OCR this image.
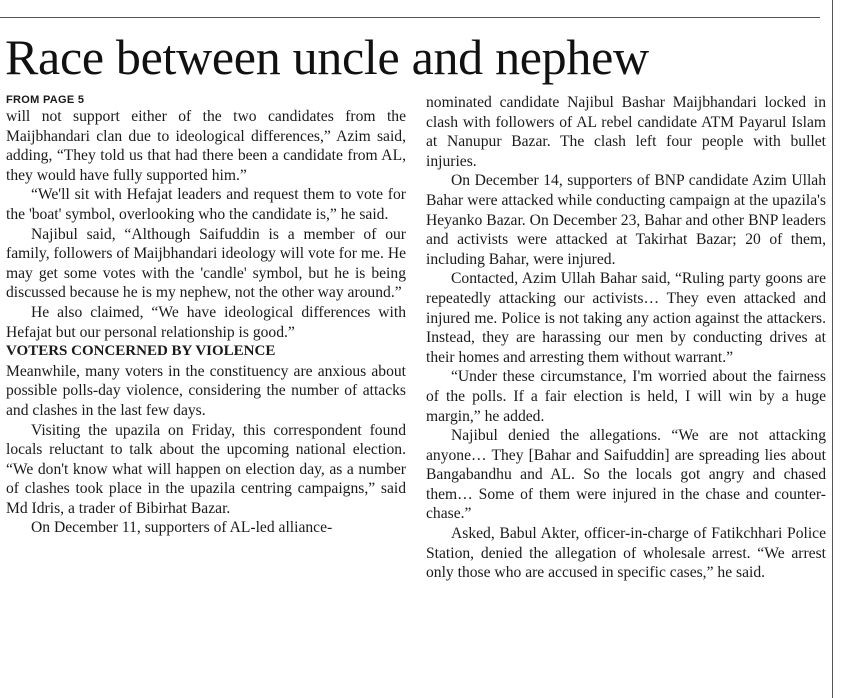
Race between uncle and nephew
FROM PAGE 5

will not support either of the two candidates from the Maijbhandari clan due to ideological differences,” Azim said, adding, “They told us that had there been a candidate from AL, they would have fully supported him.”

“We'll sit with Hefajat leaders and request them to vote for the 'boat' symbol, overlooking who the candidate is,” he said.

Najibul said, “Although Saifuddin is a member of our family, followers of Maijbhandari ideology will vote for me. He may get some votes with the 'candle' symbol, but he is being discussed because he is my nephew, not the other way around.”

He also claimed, “We have ideological differences with Hefajat but our personal relationship is good.”

VOTERS CONCERNED BY VIOLENCE

Meanwhile, many voters in the constituency are anxious about possible polls-day violence, considering the number of attacks and clashes in the last few days.

Visiting the upazila on Friday, this correspondent found locals reluctant to talk about the upcoming national election. “We don't know what will happen on election day, as a number of clashes took place in the upazila centring campaigns,” said Md Idris, a trader of Bibirhat Bazar.

On December 11, supporters of AL-led alliance-

nominated candidate Najibul Bashar Maijbhandari locked in clash with followers of AL rebel candidate ATM Payarul Islam at Nanupur Bazar. The clash left four people with bullet injuries.

On December 14, supporters of BNP candidate Azim Ullah Bahar were attacked while conducting campaign at the upazila's Heyanko Bazar. On December 23, Bahar and other BNP leaders and activists were attacked at Takirhat Bazar; 20 of them, including Bahar, were injured.

Contacted, Azim Ullah Bahar said, “Ruling party goons are repeatedly attacking our activists… They even attacked and injured me. Police is not taking any action against the attackers. Instead, they are harassing our men by conducting drives at their homes and arresting them without warrant.”

“Under these circumstance, I'm worried about the fairness of the polls. If a fair election is held, I will win by a huge margin,” he added.

Najibul denied the allegations. “We are not attacking anyone… They [Bahar and Saifuddin] are spreading lies about Bangabandhu and AL. So the locals got angry and chased them… Some of them were injured in the chase and counter-chase.”

Asked, Babul Akter, officer-in-charge of Fatikchhari Police Station, denied the allegation of wholesale arrest. “We arrest only those who are accused in specific cases,” he said.
